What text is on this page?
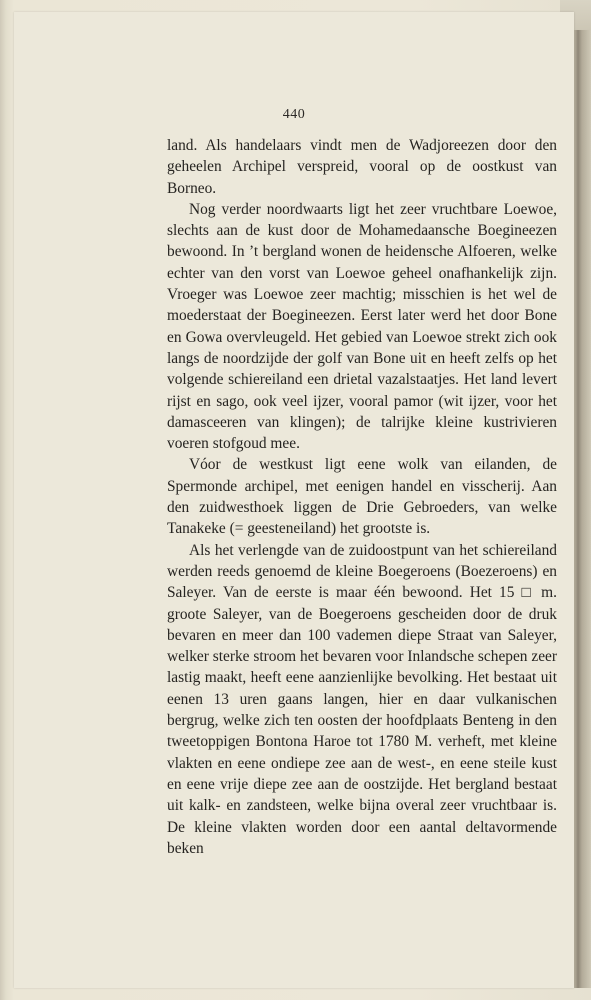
440

land. Als handelaars vindt men de Wadjoreezen door den geheelen Archipel verspreid, vooral op de oostkust van Borneo.

Nog verder noordwaarts ligt het zeer vruchtbare Loewoe, slechts aan de kust door de Mohamedaansche Boegineezen bewoond. In ’t bergland wonen de heidensche Alfoeren, welke echter van den vorst van Loewoe geheel onafhankelijk zijn. Vroeger was Loewoe zeer machtig; misschien is het wel de moederstaat der Boegineezen. Eerst later werd het door Bone en Gowa overvleugeld. Het gebied van Loewoe strekt zich ook langs de noordzijde der golf van Bone uit en heeft zelfs op het volgende schiereiland een drietal vazalstaatjes. Het land levert rijst en sago, ook veel ijzer, vooral pamor (wit ijzer, voor het damasceeren van klingen); de talrijke kleine kustrivieren voeren stofgoud mee.

Vóor de westkust ligt eene wolk van eilanden, de Spermonde archipel, met eenigen handel en visscherij. Aan den zuidwesthoek liggen de Drie Gebroeders, van welke Tanakeke (= geesteneiland) het grootste is.

Als het verlengde van de zuidoostpunt van het schiereiland werden reeds genoemd de kleine Boegeroens (Boezeroens) en Saleyer. Van de eerste is maar één bewoond. Het 15 □ m. groote Saleyer, van de Boegeroens gescheiden door de druk bevaren en meer dan 100 vademen diepe Straat van Saleyer, welker sterke stroom het bevaren voor Inlandsche schepen zeer lastig maakt, heeft eene aanzienlijke bevolking. Het bestaat uit eenen 13 uren gaans langen, hier en daar vulkanischen bergrug, welke zich ten oosten der hoofdplaats Benteng in den tweetoppigen Bontona Haroe tot 1780 M. verheft, met kleine vlakten en eene ondiepe zee aan de west-, en eene steile kust en eene vrije diepe zee aan de oostzijde. Het bergland bestaat uit kalk- en zandsteen, welke bijna overal zeer vruchtbaar is. De kleine vlakten worden door een aantal deltavormende beken
